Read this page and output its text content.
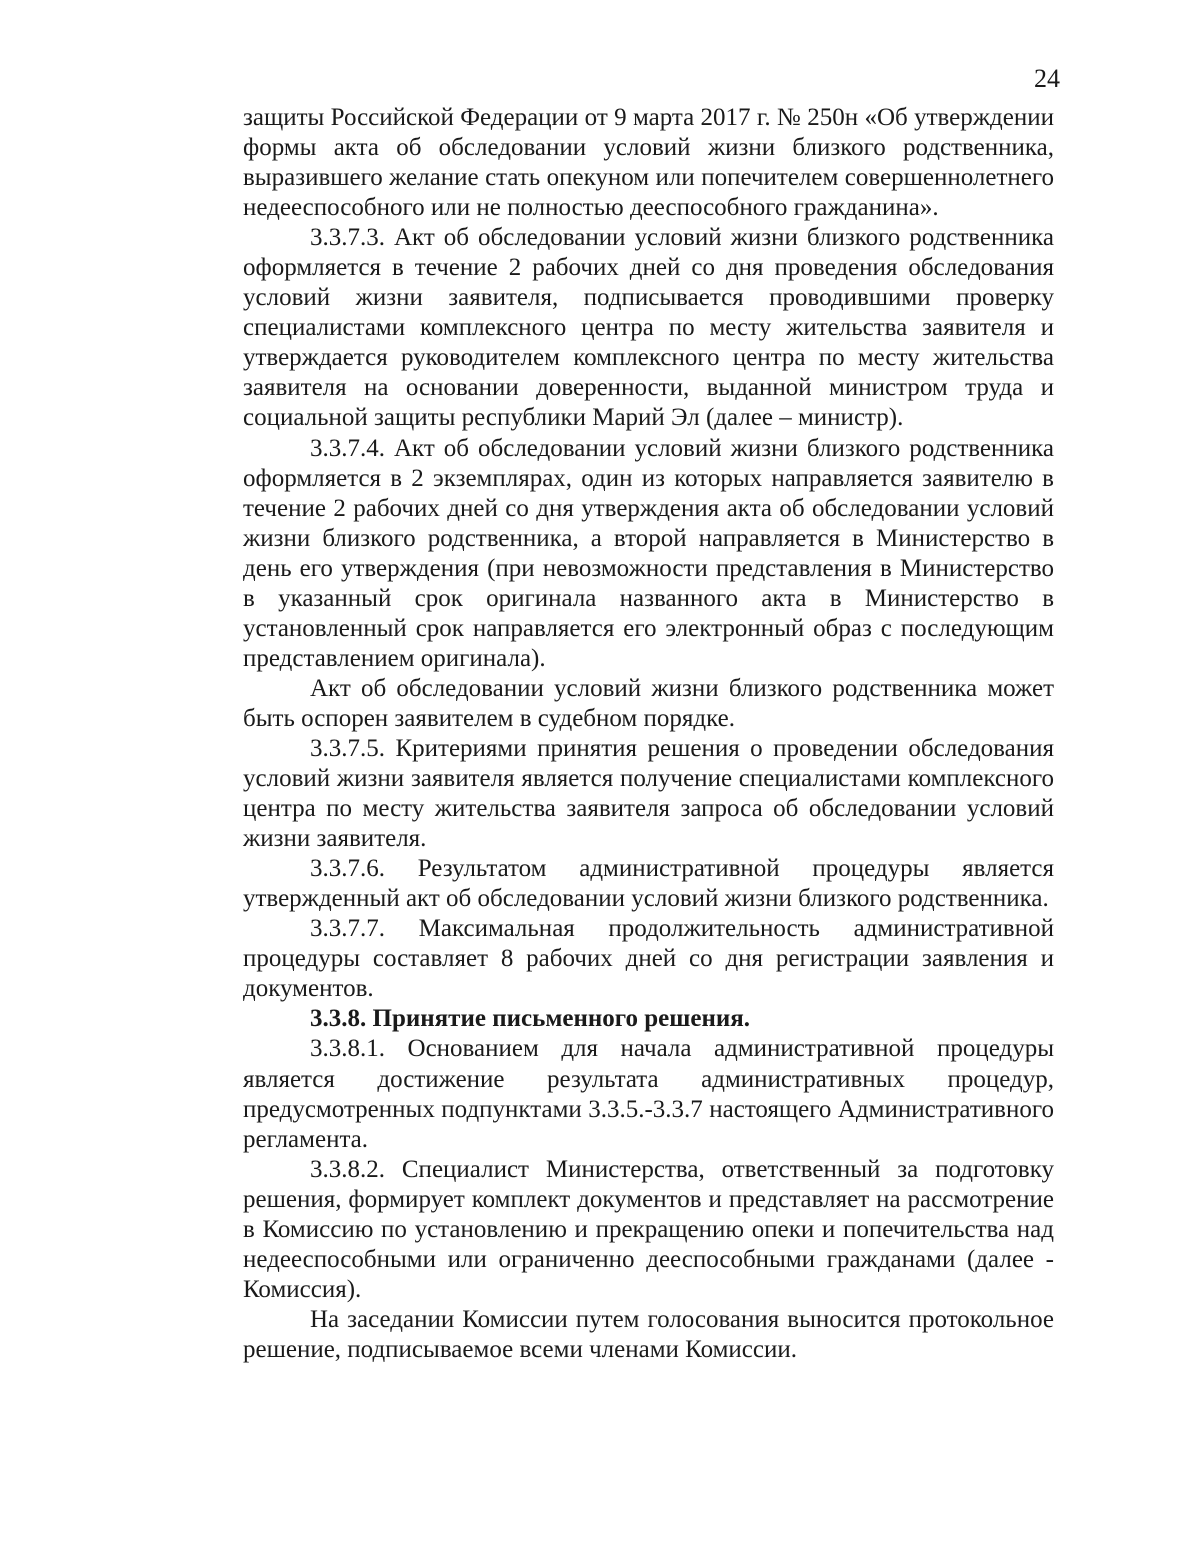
24

защиты Российской Федерации от 9 марта 2017 г. № 250н «Об утверждении формы акта об обследовании условий жизни близкого родственника, выразившего желание стать опекуном или попечителем совершеннолетнего недееспособного или не полностью дееспособного гражданина».

3.3.7.3. Акт об обследовании условий жизни близкого родственника оформляется в течение 2 рабочих дней со дня проведения обследования условий жизни заявителя, подписывается проводившими проверку специалистами комплексного центра по месту жительства заявителя и утверждается руководителем комплексного центра по месту жительства заявителя на основании доверенности, выданной министром труда и социальной защиты республики Марий Эл (далее – министр).

3.3.7.4. Акт об обследовании условий жизни близкого родственника оформляется в 2 экземплярах, один из которых направляется заявителю в течение 2 рабочих дней со дня утверждения акта об обследовании условий жизни близкого родственника, а второй направляется в Министерство в день его утверждения (при невозможности представления в Министерство в указанный срок оригинала названного акта в Министерство в установленный срок направляется его электронный образ с последующим представлением оригинала).

Акт об обследовании условий жизни близкого родственника может быть оспорен заявителем в судебном порядке.

3.3.7.5. Критериями принятия решения о проведении обследования условий жизни заявителя является получение специалистами комплексного центра по месту жительства заявителя запроса об обследовании условий жизни заявителя.

3.3.7.6. Результатом административной процедуры является утвержденный акт об обследовании условий жизни близкого родственника.

3.3.7.7. Максимальная продолжительность административной процедуры составляет 8 рабочих дней со дня регистрации заявления и документов.

3.3.8. Принятие письменного решения.

3.3.8.1. Основанием для начала административной процедуры является достижение результата административных процедур, предусмотренных подпунктами 3.3.5.-3.3.7 настоящего Административного регламента.

3.3.8.2. Специалист Министерства, ответственный за подготовку решения, формирует комплект документов и представляет на рассмотрение в Комиссию по установлению и прекращению опеки и попечительства над недееспособными или ограниченно дееспособными гражданами (далее - Комиссия).

На заседании Комиссии путем голосования выносится протокольное решение, подписываемое всеми членами Комиссии.
